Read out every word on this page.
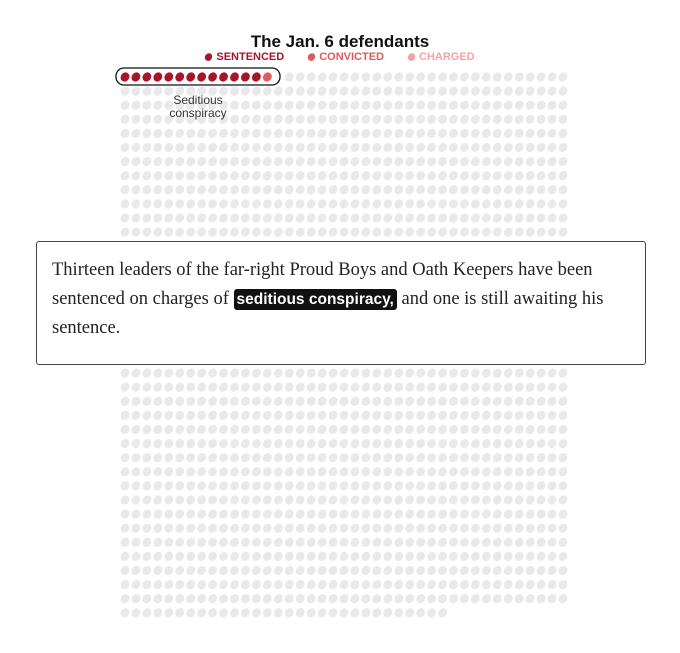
The Jan. 6 defendants
SENTENCED	CONVICTED	CHARGED
Seditious conspiracy
Thirteen leaders of the far-right Proud Boys and Oath Keepers have been sentenced on charges of seditious conspiracy, and one is still awaiting his sentence.
